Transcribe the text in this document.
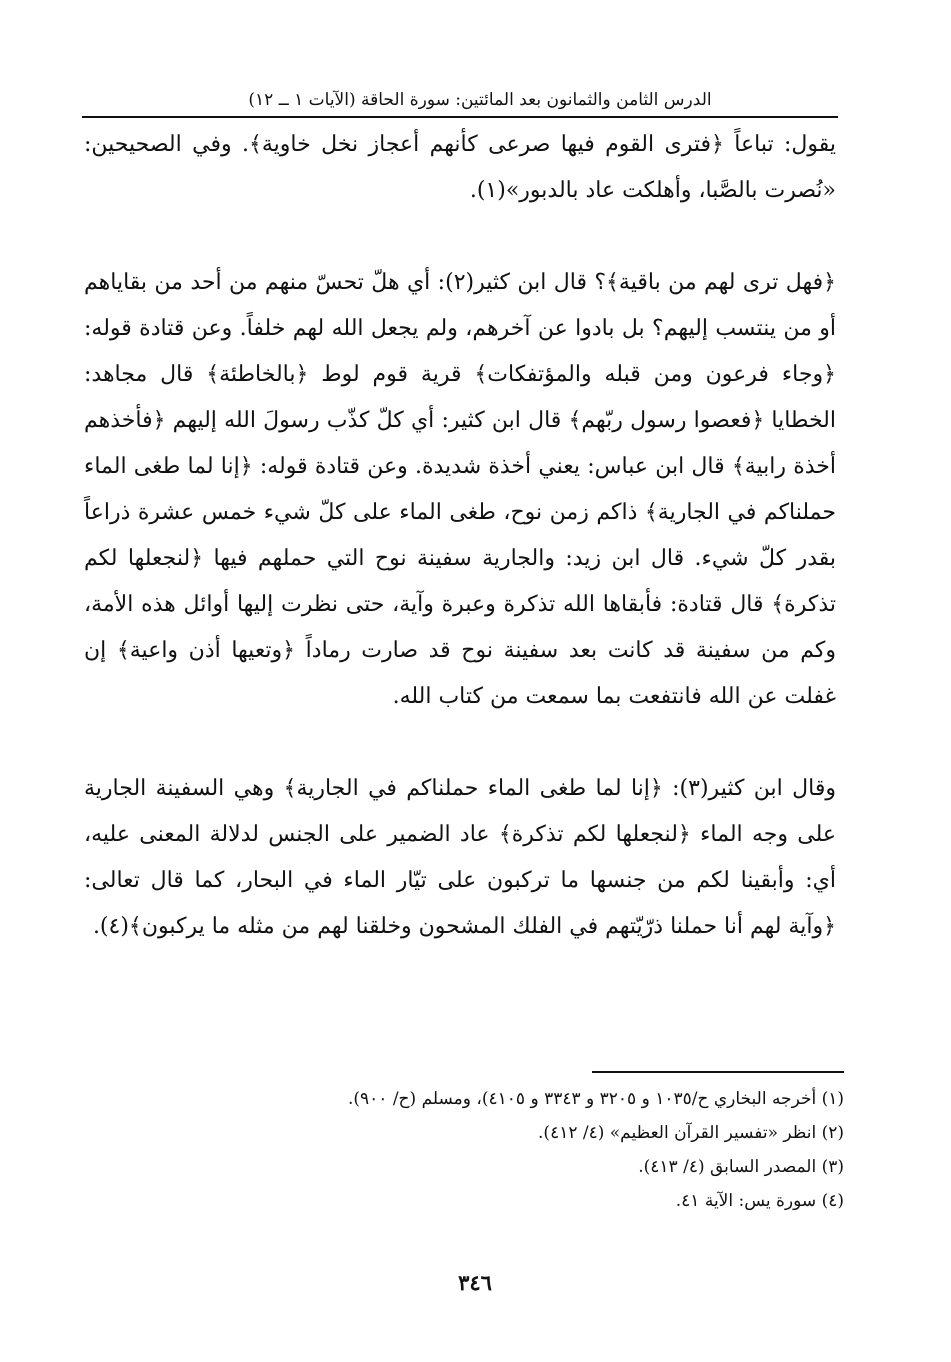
الدرس الثامن والثمانون بعد المائتين: سورة الحاقة (الآيات ١ ــ ١٢)

يقول: تباعاً ﴿فترى القوم فيها صرعى كأنهم أعجاز نخل خاوية﴾. وفي الصحيحين: «نُصرت بالصَّبا، وأهلكت عاد بالدبور»(١).

﴿فهل ترى لهم من باقية﴾؟ قال ابن كثير(٢): أي هلّ تحسّ منهم من أحد من بقاياهم أو من ينتسب إليهم؟ بل بادوا عن آخرهم، ولم يجعل الله لهم خلفاً. وعن قتادة قوله: ﴿وجاء فرعون ومن قبله والمؤتفكات﴾ قرية قوم لوط ﴿بالخاطئة﴾ قال مجاهد: الخطايا ﴿فعصوا رسول ربّهم﴾ قال ابن كثير: أي كلّ كذّب رسولَ الله إليهم ﴿فأخذهم أخذة رابية﴾ قال ابن عباس: يعني أخذة شديدة. وعن قتادة قوله: ﴿إنا لما طغى الماء حملناكم في الجارية﴾ ذاكم زمن نوح، طغى الماء على كلّ شيء خمس عشرة ذراعاً بقدر كلّ شيء. قال ابن زيد: والجارية سفينة نوح التي حملهم فيها ﴿لنجعلها لكم تذكرة﴾ قال قتادة: فأبقاها الله تذكرة وعبرة وآية، حتى نظرت إليها أوائل هذه الأمة، وكم من سفينة قد كانت بعد سفينة نوح قد صارت رماداً ﴿وتعيها أذن واعية﴾ إن غفلت عن الله فانتفعت بما سمعت من كتاب الله.

وقال ابن كثير(٣): ﴿إنا لما طغى الماء حملناكم في الجارية﴾ وهي السفينة الجارية على وجه الماء ﴿لنجعلها لكم تذكرة﴾ عاد الضمير على الجنس لدلالة المعنى عليه، أي: وأبقينا لكم من جنسها ما تركبون على تيّار الماء في البحار، كما قال تعالى: ﴿وآية لهم أنا حملنا ذرّيّتهم في الفلك المشحون وخلقنا لهم من مثله ما يركبون﴾(٤).

(١) أخرجه البخاري ح/١٠٣٥ و ٣٢٠٥ و ٣٣٤٣ و ٤١٠٥)، ومسلم (ح/ ٩٠٠).
(٢) انظر «تفسير القرآن العظيم» (٤/ ٤١٢).
(٣) المصدر السابق (٤/ ٤١٣).
(٤) سورة يس: الآية ٤١.
٣٤٦
